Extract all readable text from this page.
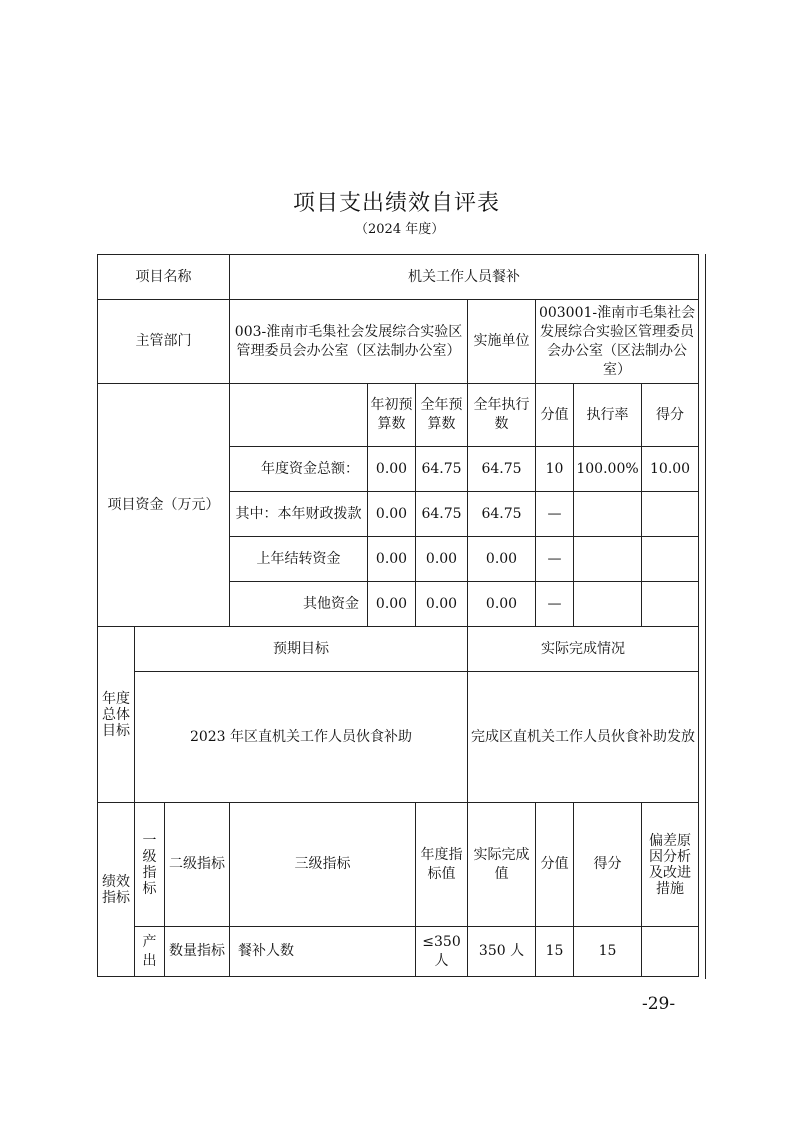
项目支出绩效自评表
（2024 年度）
项目名称			机关工作人员餐补						
主管部门			003-淮南市毛集社会发展综合实验区管理委员会办公室（区法制办公室）			实施单位	003001-淮南市毛集社会发展综合实验区管理委员会办公室（区法制办公室）		
项目资金（万元）				年初预算数	全年预算数	全年执行数	分值	执行率	得分
			年度资金总额：	0.00	64.75	64.75	10	100.00%	10.00
			其中：本年财政拨款	0.00	64.75	64.75	—		
			上年结转资金	0.00	0.00	0.00	—		
			其他资金	0.00	0.00	0.00	—		
年度总体目标	预期目标					实际完成情况			
	2023 年区直机关工作人员伙食补助					完成区直机关工作人员伙食补助发放			
绩效指标	一级指标	二级指标	三级指标		年度指标值	实际完成值	分值	得分	偏差原因分析及改进措施
	产出	数量指标	餐补人数		≤350人	350 人	15	15	
-29-
